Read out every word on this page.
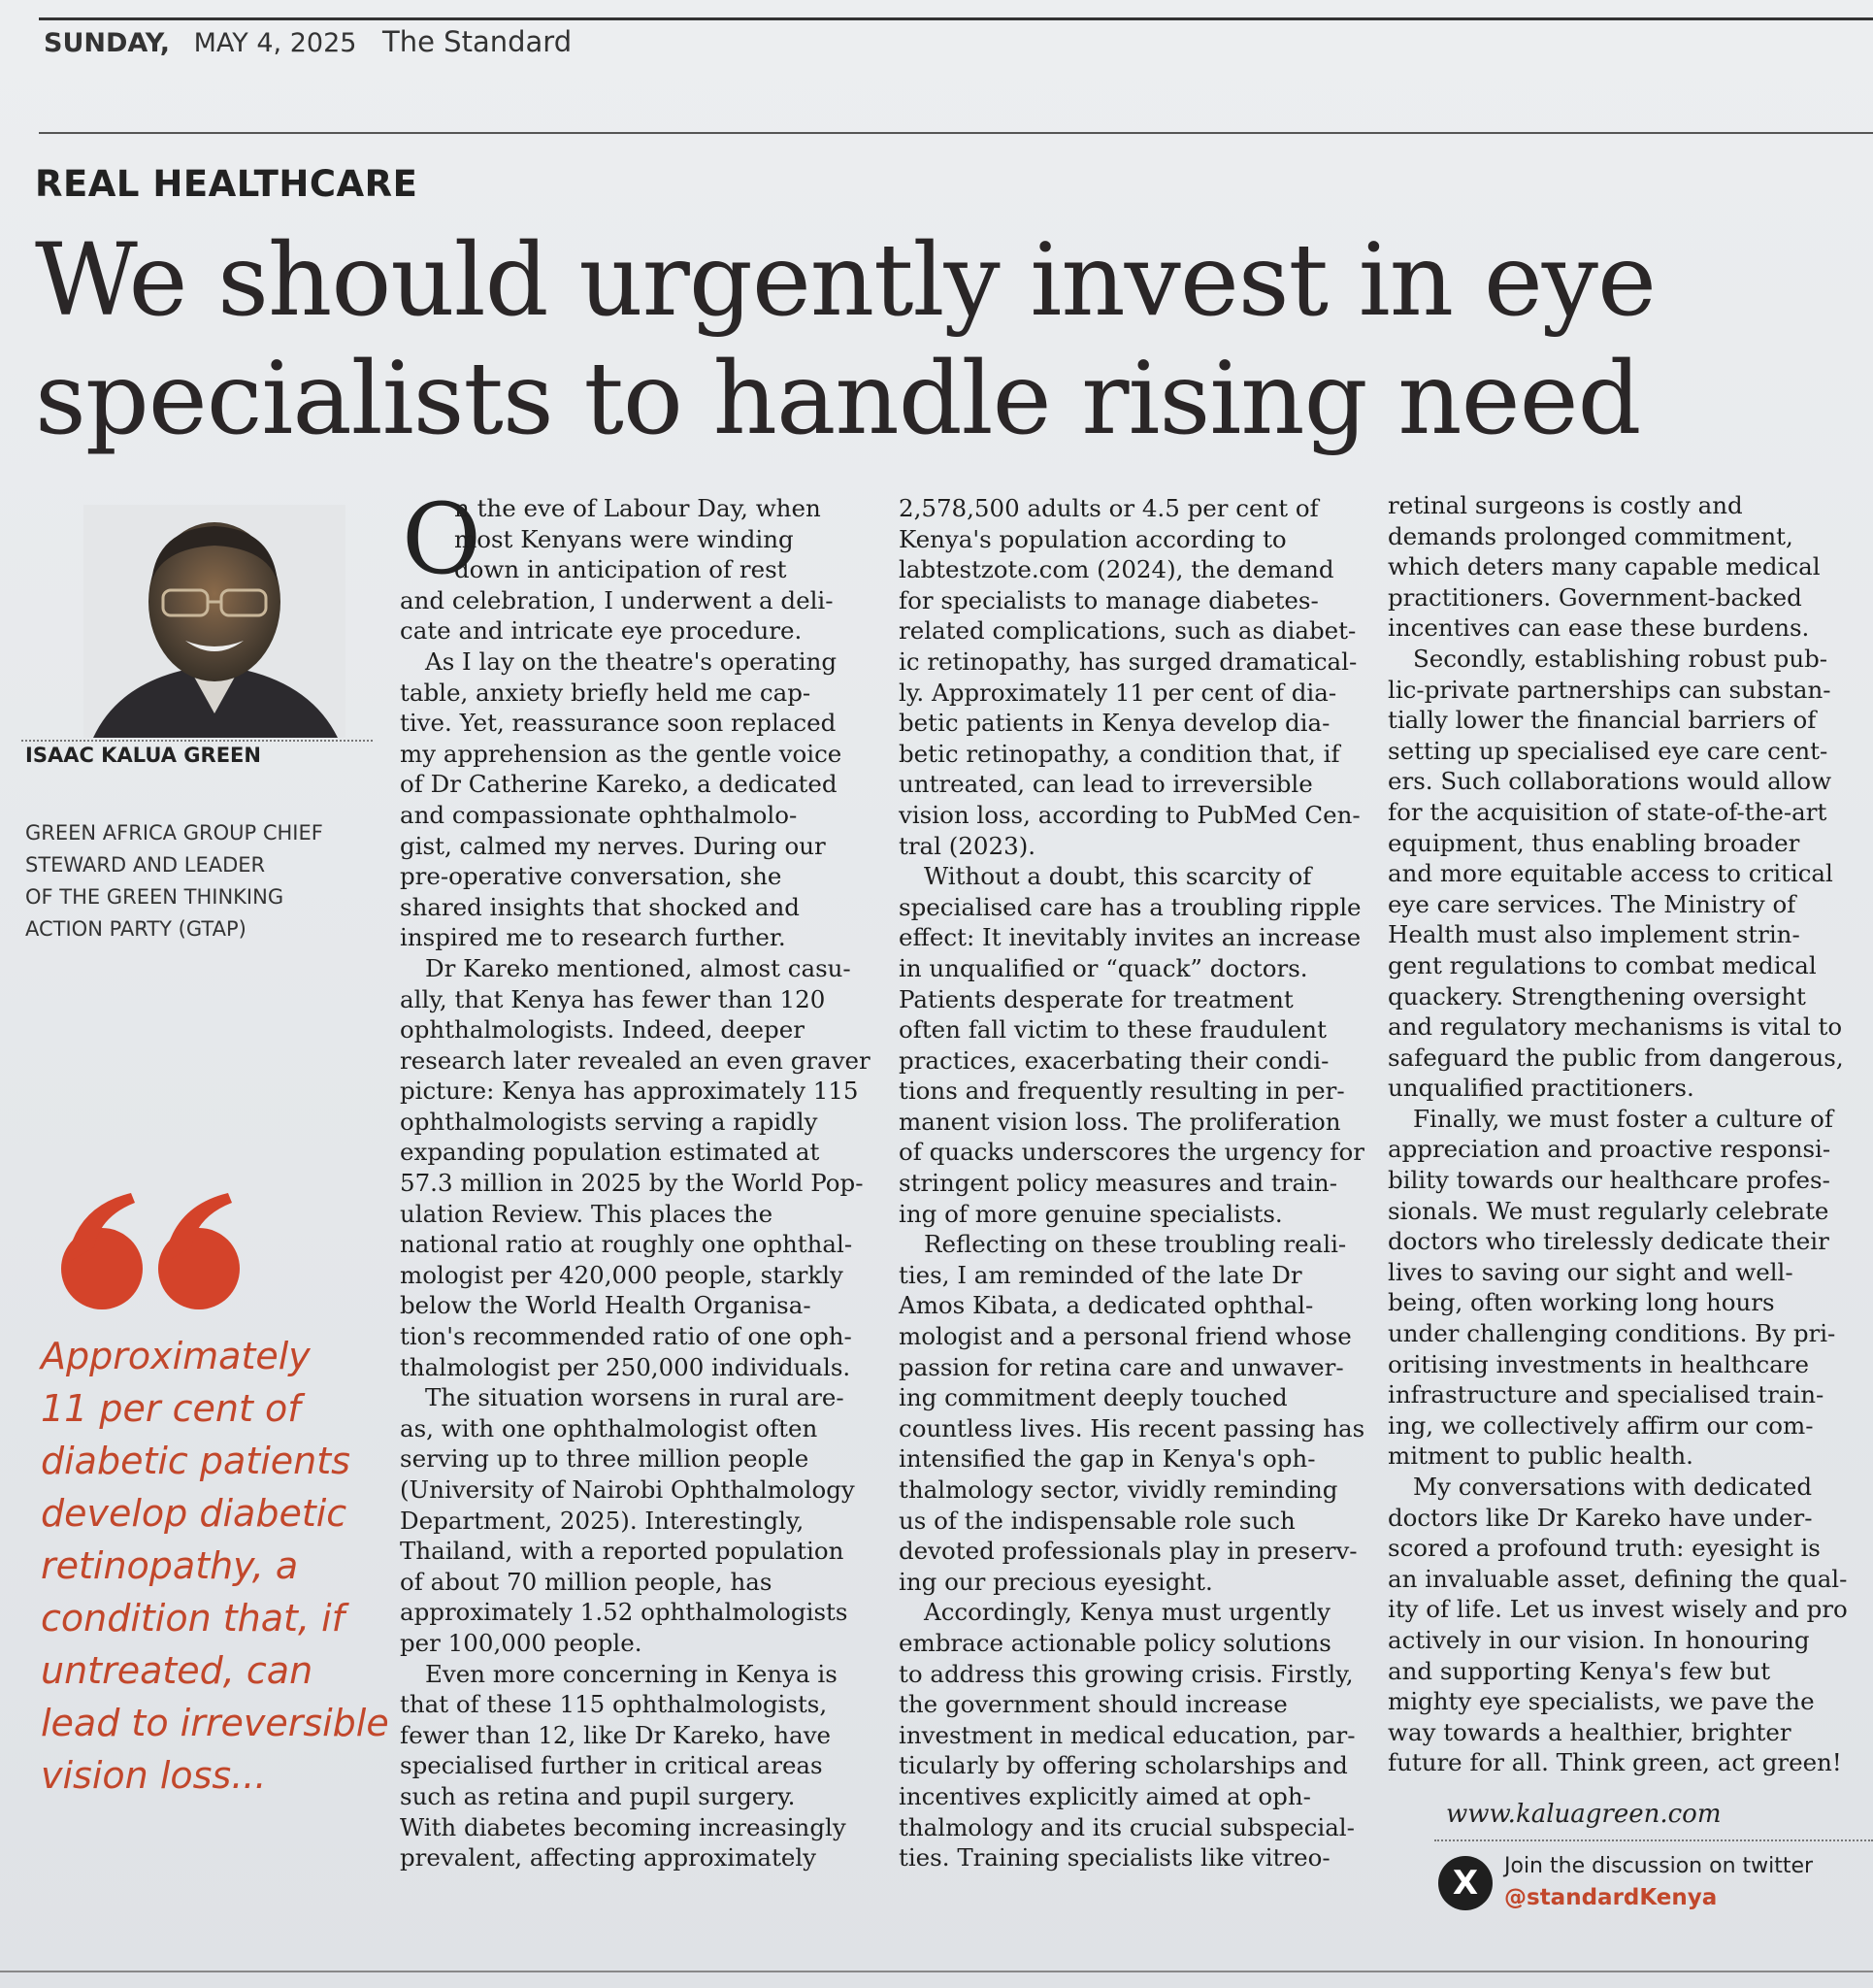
SUNDAY, MAY 4, 2025 The Standard
REAL HEALTHCARE
We should urgently invest in eye
specialists to handle rising need
ISAAC KALUA GREEN
GREEN AFRICA GROUP CHIEF
STEWARD AND LEADER
OF THE GREEN THINKING
ACTION PARTY (GTAP)
Approximately
11 per cent of
diabetic patients
develop diabetic
retinopathy, a
condition that, if
untreated, can
lead to irreversible
vision loss...
O
n the eve of Labour Day, when
most Kenyans were winding
down in anticipation of rest
and celebration, I underwent a deli-
cate and intricate eye procedure.
As I lay on the theatre's operating
table, anxiety briefly held me cap-
tive. Yet, reassurance soon replaced
my apprehension as the gentle voice
of Dr Catherine Kareko, a dedicated
and compassionate ophthalmolo-
gist, calmed my nerves. During our
pre-operative conversation, she
shared insights that shocked and
inspired me to research further.
Dr Kareko mentioned, almost casu-
ally, that Kenya has fewer than 120
ophthalmologists. Indeed, deeper
research later revealed an even graver
picture: Kenya has approximately 115
ophthalmologists serving a rapidly
expanding population estimated at
57.3 million in 2025 by the World Pop-
ulation Review. This places the
national ratio at roughly one ophthal-
mologist per 420,000 people, starkly
below the World Health Organisa-
tion's recommended ratio of one oph-
thalmologist per 250,000 individuals.
The situation worsens in rural are-
as, with one ophthalmologist often
serving up to three million people
(University of Nairobi Ophthalmology
Department, 2025). Interestingly,
Thailand, with a reported population
of about 70 million people, has
approximately 1.52 ophthalmologists
per 100,000 people.
Even more concerning in Kenya is
that of these 115 ophthalmologists,
fewer than 12, like Dr Kareko, have
specialised further in critical areas
such as retina and pupil surgery.
With diabetes becoming increasingly
prevalent, affecting approximately
2,578,500 adults or 4.5 per cent of
Kenya's population according to
labtestzote.com (2024), the demand
for specialists to manage diabetes-
related complications, such as diabet-
ic retinopathy, has surged dramatical-
ly. Approximately 11 per cent of dia-
betic patients in Kenya develop dia-
betic retinopathy, a condition that, if
untreated, can lead to irreversible
vision loss, according to PubMed Cen-
tral (2023).
Without a doubt, this scarcity of
specialised care has a troubling ripple
effect: It inevitably invites an increase
in unqualified or “quack” doctors.
Patients desperate for treatment
often fall victim to these fraudulent
practices, exacerbating their condi-
tions and frequently resulting in per-
manent vision loss. The proliferation
of quacks underscores the urgency for
stringent policy measures and train-
ing of more genuine specialists.
Reflecting on these troubling reali-
ties, I am reminded of the late Dr
Amos Kibata, a dedicated ophthal-
mologist and a personal friend whose
passion for retina care and unwaver-
ing commitment deeply touched
countless lives. His recent passing has
intensified the gap in Kenya's oph-
thalmology sector, vividly reminding
us of the indispensable role such
devoted professionals play in preserv-
ing our precious eyesight.
Accordingly, Kenya must urgently
embrace actionable policy solutions
to address this growing crisis. Firstly,
the government should increase
investment in medical education, par-
ticularly by offering scholarships and
incentives explicitly aimed at oph-
thalmology and its crucial subspecial-
ties. Training specialists like vitreo-
retinal surgeons is costly and
demands prolonged commitment,
which deters many capable medical
practitioners. Government-backed
incentives can ease these burdens.
Secondly, establishing robust pub-
lic-private partnerships can substan-
tially lower the financial barriers of
setting up specialised eye care cent-
ers. Such collaborations would allow
for the acquisition of state-of-the-art
equipment, thus enabling broader
and more equitable access to critical
eye care services. The Ministry of
Health must also implement strin-
gent regulations to combat medical
quackery. Strengthening oversight
and regulatory mechanisms is vital to
safeguard the public from dangerous,
unqualified practitioners.
Finally, we must foster a culture of
appreciation and proactive responsi-
bility towards our healthcare profes-
sionals. We must regularly celebrate
doctors who tirelessly dedicate their
lives to saving our sight and well-
being, often working long hours
under challenging conditions. By pri-
oritising investments in healthcare
infrastructure and specialised train-
ing, we collectively affirm our com-
mitment to public health.
My conversations with dedicated
doctors like Dr Kareko have under-
scored a profound truth: eyesight is
an invaluable asset, defining the qual-
ity of life. Let us invest wisely and pro
actively in our vision. In honouring
and supporting Kenya's few but
mighty eye specialists, we pave the
way towards a healthier, brighter
future for all. Think green, act green!
www.kaluagreen.com
X	Join the discussion on twitter
@standardKenya
